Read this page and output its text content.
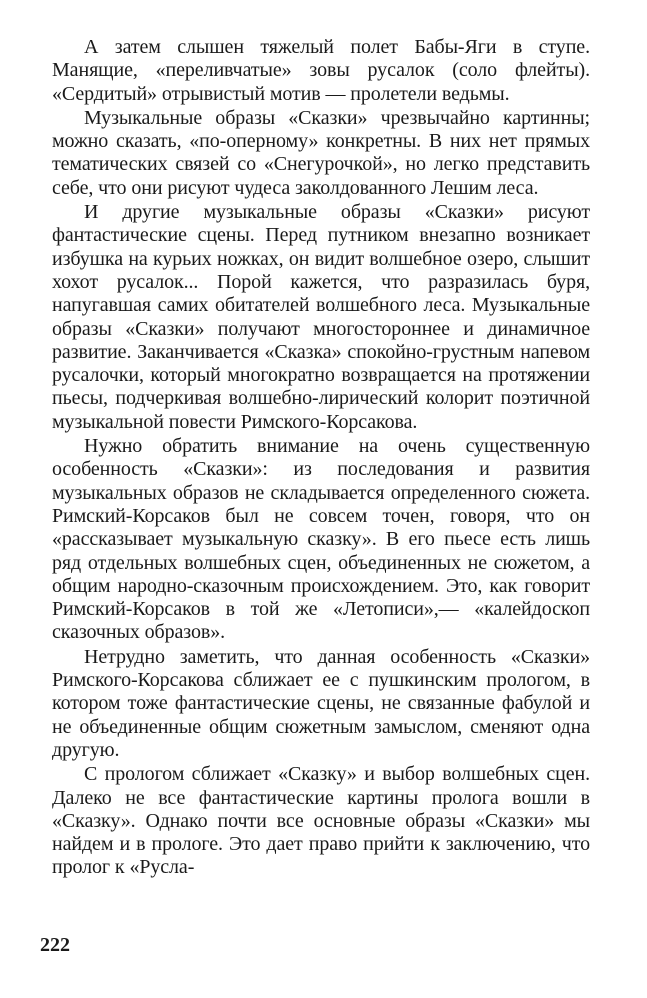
А затем слышен тяжелый полет Бабы-Яги в ступе. Манящие, «переливчатые» зовы русалок (соло флейты). «Сердитый» отрывистый мотив — пролетели ведьмы.

Музыкальные образы «Сказки» чрезвычайно картинны; можно сказать, «по-оперному» конкретны. В них нет прямых тематических связей со «Снегурочкой», но легко представить себе, что они рисуют чудеса заколдованного Лешим леса.

И другие музыкальные образы «Сказки» рисуют фантастические сцены. Перед путником внезапно возникает избушка на курьих ножках, он видит волшебное озеро, слышит хохот русалок... Порой кажется, что разразилась буря, напугавшая самих обитателей волшебного леса. Музыкальные образы «Сказки» получают многостороннее и динамичное развитие. Заканчивается «Сказка» спокойно-грустным напевом русалочки, который многократно возвращается на протяжении пьесы, подчеркивая волшебно-лирический колорит поэтичной музыкальной повести Римского-Корсакова.

Нужно обратить внимание на очень существенную особенность «Сказки»: из последования и развития музыкальных образов не складывается определенного сюжета. Римский-Корсаков был не совсем точен, говоря, что он «рассказывает музыкальную сказку». В его пьесе есть лишь ряд отдельных волшебных сцен, объединенных не сюжетом, а общим народно-сказочным происхождением. Это, как говорит Римский-Корсаков в той же «Летописи»,— «калейдоскоп сказочных образов».

Нетрудно заметить, что данная особенность «Сказки» Римского-Корсакова сближает ее с пушкинским прологом, в котором тоже фантастические сцены, не связанные фабулой и не объединенные общим сюжетным замыслом, сменяют одна другую.

С прологом сближает «Сказку» и выбор волшебных сцен. Далеко не все фантастические картины пролога вошли в «Сказку». Однако почти все основные образы «Сказки» мы найдем и в прологе. Это дает право прийти к заключению, что пролог к «Русла-

222
